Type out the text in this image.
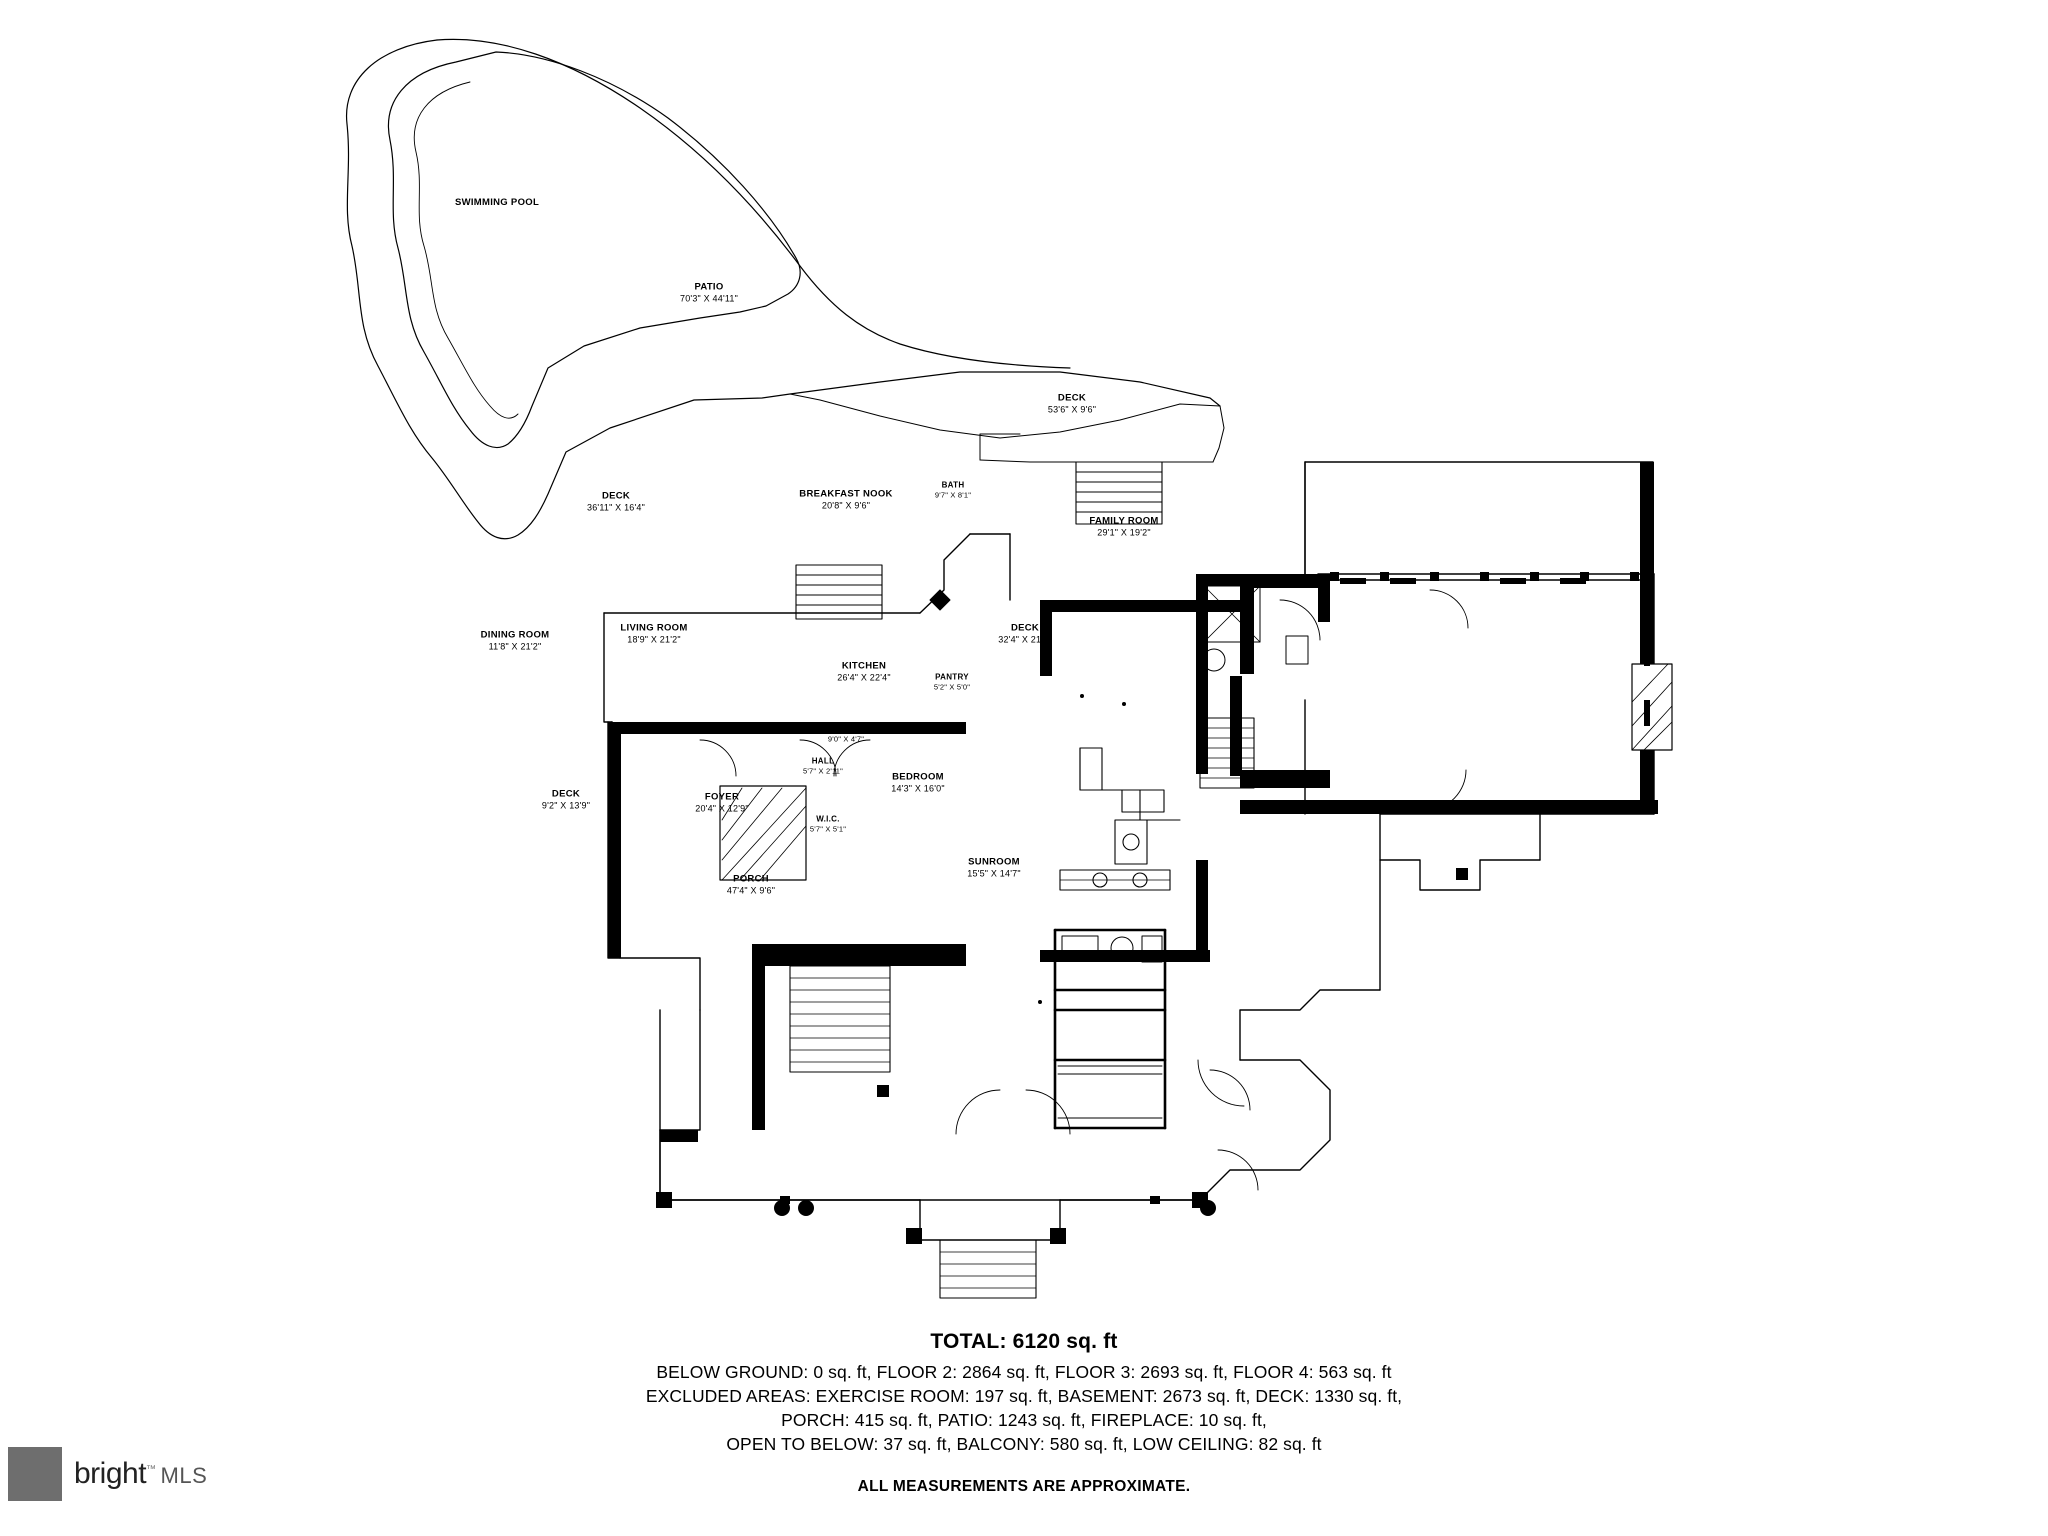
SWIMMING POOL
PATIO
70'3" X 44'11"
DECK
53'6" X 9'6"
DECK
36'11" X 16'4"
BREAKFAST NOOK
20'8" X 9'6"
BATH
9'7" X 8'1"
FAMILY ROOM
29'1" X 19'2"
DINING ROOM
11'8" X 21'2"
LIVING ROOM
18'9" X 21'2"
DECK
32'4" X 21'5"
KITCHEN
26'4" X 22'4"	PANTRY
5'2" X 5'0"
BATH
9'0" X 4'7"
HALL
5'7" X 2'11"
BEDROOM
14'3" X 16'0"
DECK
9'2" X 13'9"
FOYER
20'4" X 12'9"
W.I.C.
5'7" X 5'1"
SUNROOM
15'5" X 14'7"
PORCH
47'4" X 9'6"
TOTAL: 6120 sq. ft
BELOW GROUND: 0 sq. ft, FLOOR 2: 2864 sq. ft, FLOOR 3: 2693 sq. ft, FLOOR 4: 563 sq. ft
EXCLUDED AREAS: EXERCISE ROOM: 197 sq. ft, BASEMENT: 2673 sq. ft, DECK: 1330 sq. ft,
PORCH: 415 sq. ft, PATIO: 1243 sq. ft, FIREPLACE: 10 sq. ft,
OPEN TO BELOW: 37 sq. ft, BALCONY: 580 sq. ft, LOW CEILING: 82 sq. ft
ALL MEASUREMENTS ARE APPROXIMATE.
bright™ MLS
